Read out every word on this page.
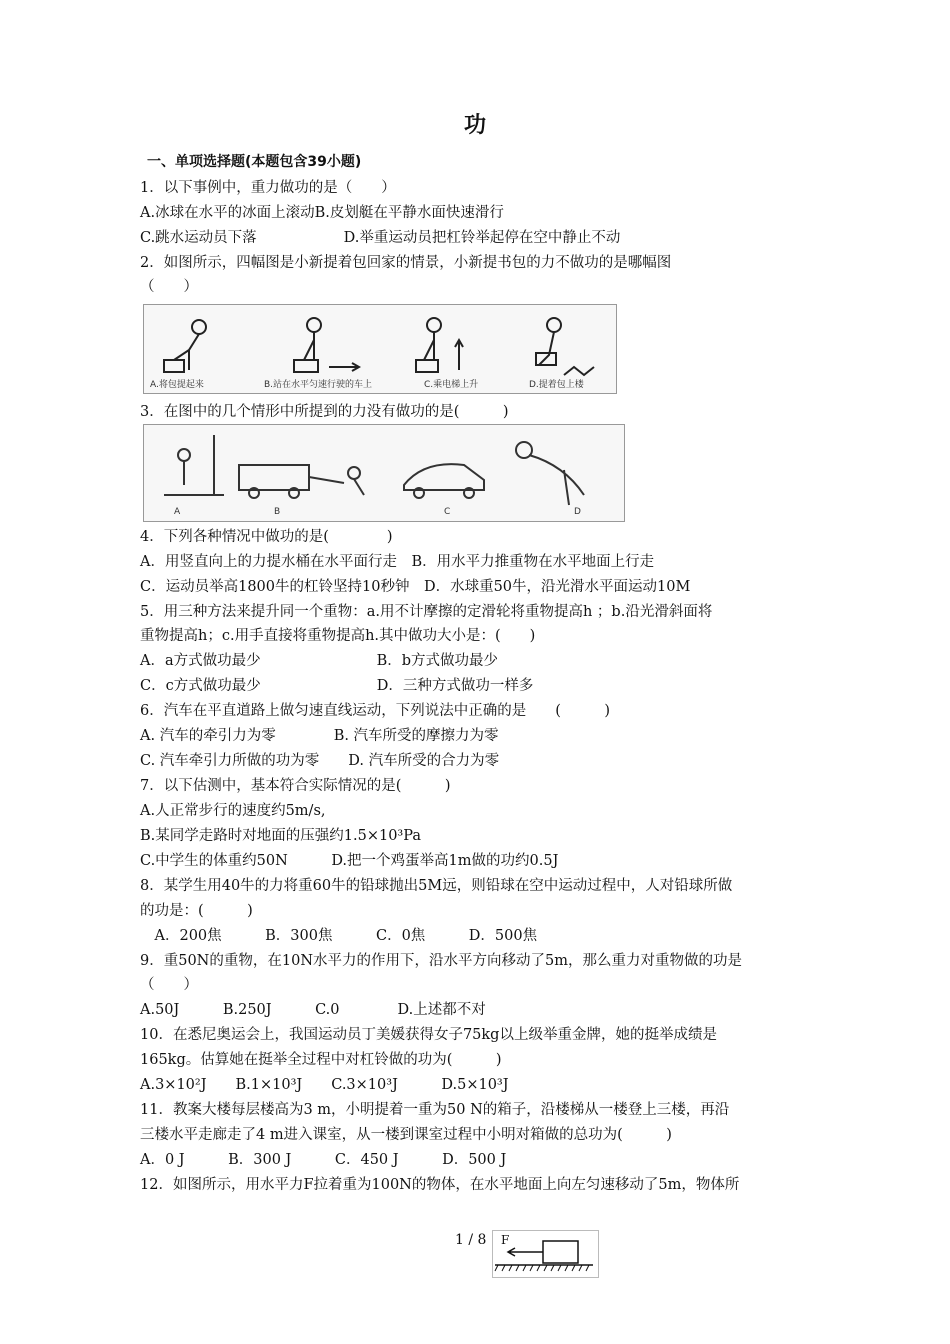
功
一、单项选择题(本题包含39小题)
1．以下事例中，重力做功的是（　　）
A.冰球在水平的冰面上滚动B.皮划艇在平静水面快速滑行
C.跳水运动员下落　　　　　　D.举重运动员把杠铃举起停在空中静止不动
2．如图所示，四幅图是小新提着包回家的情景，小新提书包的力不做功的是哪幅图
（　　）
A.将包提起来	B.站在水平匀速行驶的车上	C.乘电梯上升	D.提着包上楼
3．在图中的几个情形中所提到的力没有做功的是(　　　)
A	B	C	D
4．下列各种情况中做功的是(　　　　)
A．用竖直向上的力提水桶在水平面行走　B．用水平力推重物在水平地面上行走
C．运动员举高1800牛的杠铃坚持10秒钟　D．水球重50牛，沿光滑水平面运动10M
5．用三种方法来提升同一个重物：a.用不计摩擦的定滑轮将重物提高h ；b.沿光滑斜面将
重物提高h；c.用手直接将重物提高h.其中做功大小是：(　　)
A．a方式做功最少　　　　　　　　B．b方式做功最少
C．c方式做功最少　　　　　　　　D．三种方式做功一样多
6．汽车在平直道路上做匀速直线运动，下列说法中正确的是　　(　　　)
A. 汽车的牵引力为零　　　　B. 汽车所受的摩擦力为零
C. 汽车牵引力所做的功为零　　D. 汽车所受的合力为零
7．以下估测中，基本符合实际情况的是(　　　)
A.人正常步行的速度约5m/s,
B.某同学走路时对地面的压强约1.5×10³Pa
C.中学生的体重约50N　　　D.把一个鸡蛋举高1m做的功约0.5J
8．某学生用40牛的力将重60牛的铅球抛出5M远，则铅球在空中运动过程中，人对铅球所做
的功是：(　　　)
　A．200焦　　　B．300焦　　　C．0焦　　　D．500焦
9．重50N的重物，在10N水平力的作用下，沿水平方向移动了5m，那么重力对重物做的功是
（　　）
A.50J　　　B.250J　　　C.0　　　　D.上述都不对
10．在悉尼奥运会上，我国运动员丁美媛获得女子75kg以上级举重金牌，她的挺举成绩是
165kg。估算她在挺举全过程中对杠铃做的功为(　　　)
A.3×10²J　　B.1×10³J　　C.3×10³J　　　D.5×10³J
11．教案大楼每层楼高为3 m，小明提着一重为50 N的箱子，沿楼梯从一楼登上三楼，再沿
三楼水平走廊走了4 m进入课室，从一楼到课室过程中小明对箱做的总功为(　　　)
A．0 J　　　B．300 J　　　C．450 J　　　D．500 J
12．如图所示，用水平力F拉着重为100N的物体，在水平地面上向左匀速移动了5m，物体所
1 / 8 F
